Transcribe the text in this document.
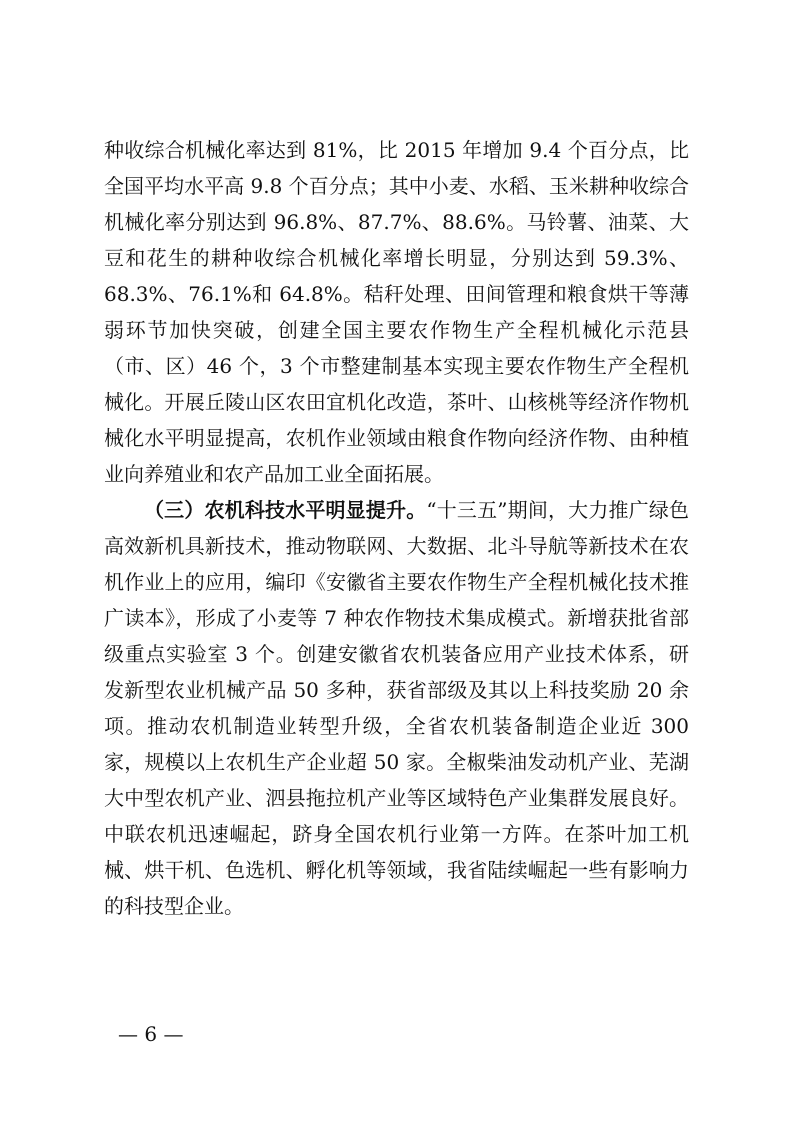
种收综合机械化率达到 81%，比 2015 年增加 9.4 个百分点，比全国平均水平高 9.8 个百分点；其中小麦、水稻、玉米耕种收综合机械化率分别达到 96.8%、87.7%、88.6%。马铃薯、油菜、大豆和花生的耕种收综合机械化率增长明显，分别达到 59.3%、68.3%、76.1%和 64.8%。秸秆处理、田间管理和粮食烘干等薄弱环节加快突破，创建全国主要农作物生产全程机械化示范县（市、区）46 个，3 个市整建制基本实现主要农作物生产全程机械化。开展丘陵山区农田宜机化改造，茶叶、山核桃等经济作物机械化水平明显提高，农机作业领域由粮食作物向经济作物、由种植业向养殖业和农产品加工业全面拓展。

（三）农机科技水平明显提升。“十三五”期间，大力推广绿色高效新机具新技术，推动物联网、大数据、北斗导航等新技术在农机作业上的应用，编印《安徽省主要农作物生产全程机械化技术推广读本》，形成了小麦等 7 种农作物技术集成模式。新增获批省部级重点实验室 3 个。创建安徽省农机装备应用产业技术体系，研发新型农业机械产品 50 多种，获省部级及其以上科技奖励 20 余项。推动农机制造业转型升级，全省农机装备制造企业近 300 家，规模以上农机生产企业超 50 家。全椒柴油发动机产业、芜湖大中型农机产业、泗县拖拉机产业等区域特色产业集群发展良好。中联农机迅速崛起，跻身全国农机行业第一方阵。在茶叶加工机械、烘干机、色选机、孵化机等领域，我省陆续崛起一些有影响力的科技型企业。

— 6 —
